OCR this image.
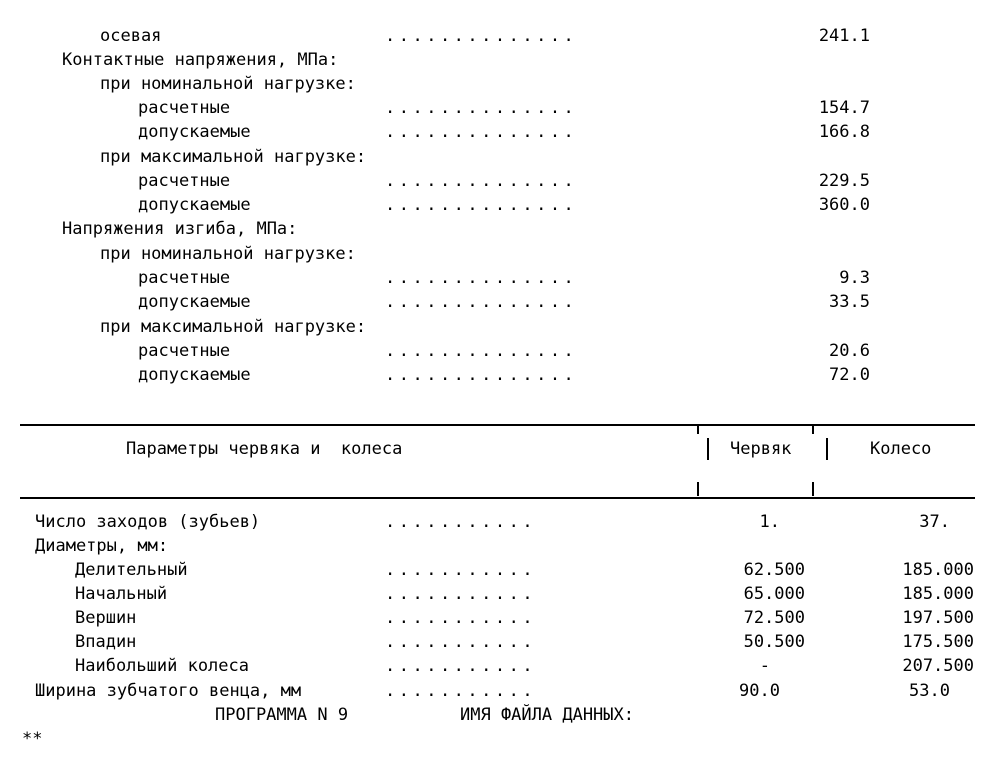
осевая	..............	241.1
Контактные напряжения, МПа:
при номинальной нагрузке:
расчетные	..............	154.7
допускаемые	..............	166.8
при максимальной нагрузке:
расчетные	..............	229.5
допускаемые	..............	360.0
Напряжения изгиба, МПа:
при номинальной нагрузке:
расчетные	..............	9.3
допускаемые	..............	33.5
при максимальной нагрузке:
расчетные	..............	20.6
допускаемые	..............	72.0
Параметры червяка и  колеса	Червяк	Колесо
Число заходов (зубьев)	...........	1.	37.
Диаметры, мм:
Делительный	...........	62.500	185.000
Начальный	...........	65.000	185.000
Вершин	...........	72.500	197.500
Впадин	...........	50.500	175.500
Наибольший колеса	...........	-	207.500
Ширина зубчатого венца, мм	...........	90.0	53.0
ПРОГРАММА N 9	ИМЯ ФАЙЛА ДАННЫХ:
**
